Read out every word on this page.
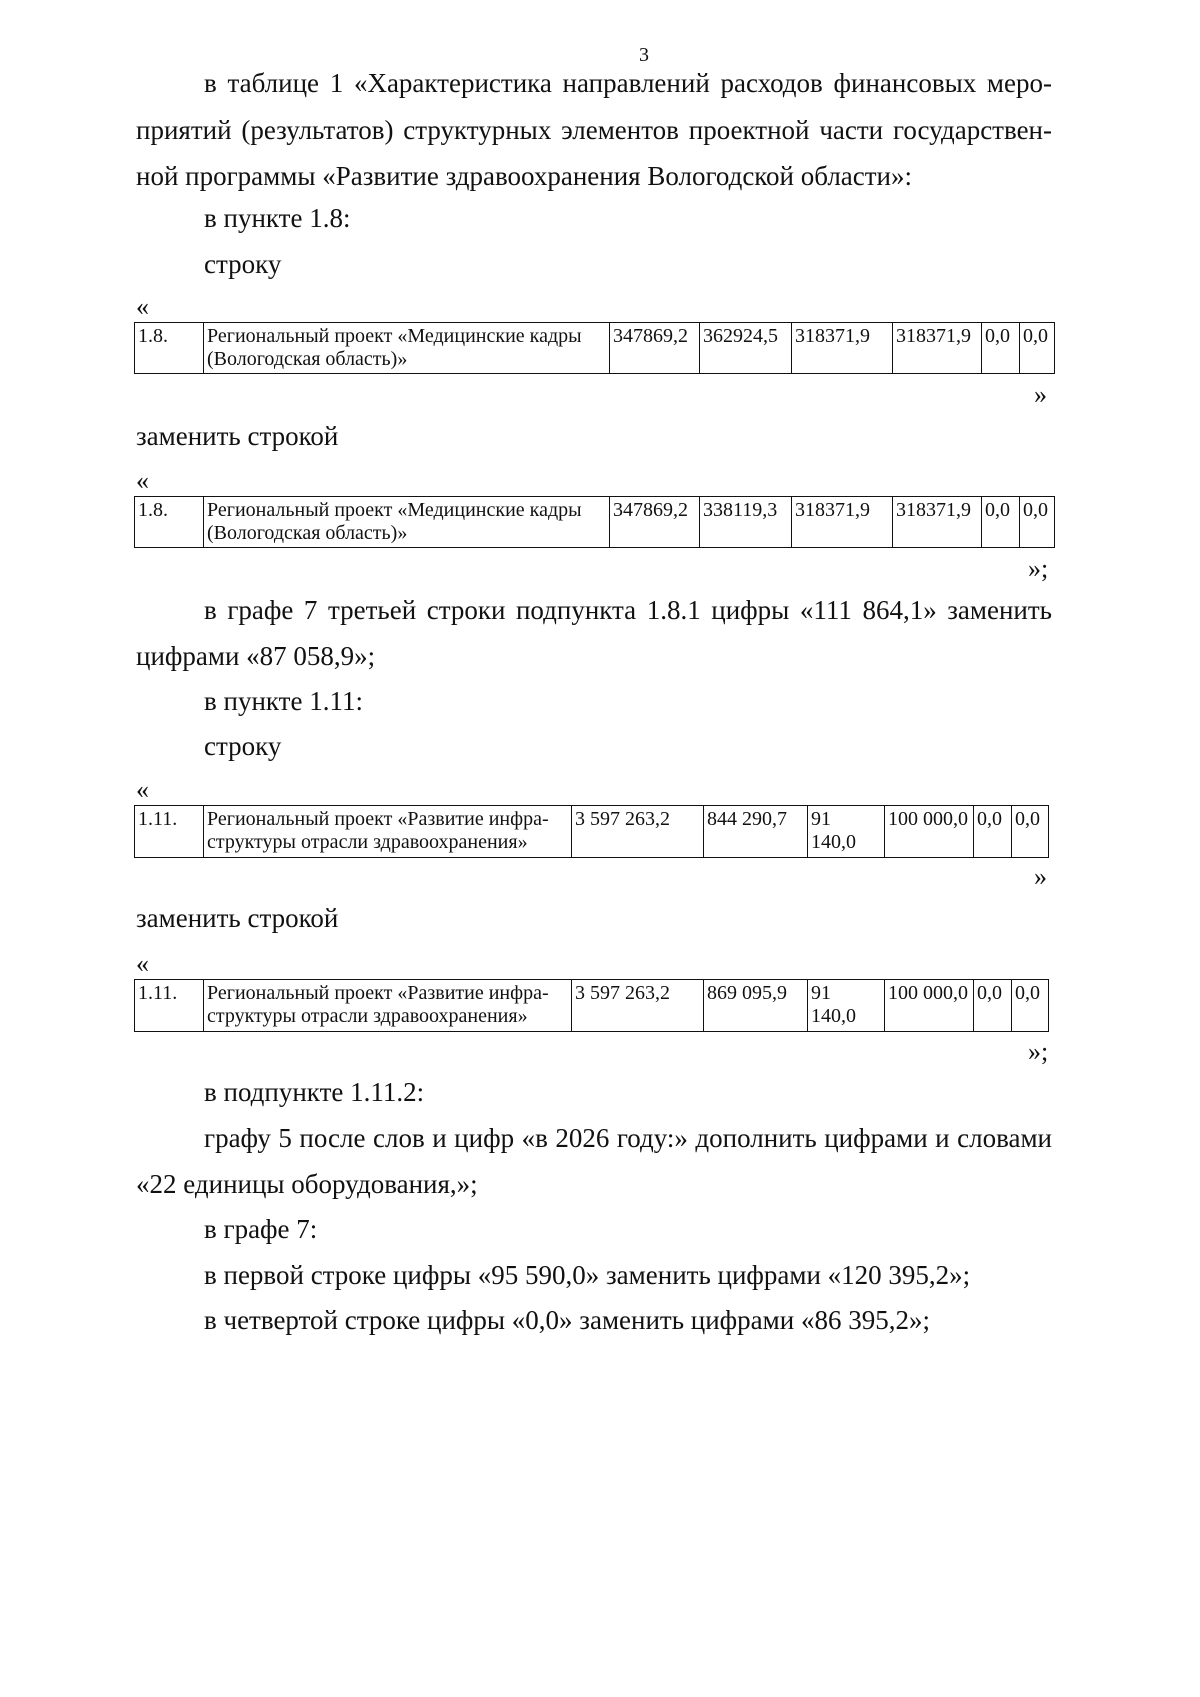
3
в таблице 1 «Характеристика направлений расходов финансовых меро-
приятий (результатов) структурных элементов проектной части государствен-
ной программы «Развитие здравоохранения Вологодской области»:
в пункте 1.8:
строку
«
1.8.	Региональный проект «Медицинские кадры (Вологодская область)»	347869,2	362924,5	318371,9	318371,9	0,0	0,0
»
заменить строкой
«
1.8.	Региональный проект «Медицинские кадры (Вологодская область)»	347869,2	338119,3	318371,9	318371,9	0,0	0,0
»;
в графе 7 третьей строки подпункта 1.8.1 цифры «111 864,1» заменить
цифрами «87 058,9»;
в пункте 1.11:
строку
«
1.11.	Региональный проект «Развитие инфра-
структуры отрасли здравоохранения»
	3 597 263,2	844 290,7	91
140,0
	100 000,0	0,0	0,0
»
заменить строкой
«
1.11.	Региональный проект «Развитие инфра-
структуры отрасли здравоохранения»
	3 597 263,2	869 095,9	91
140,0
	100 000,0	0,0	0,0
»;
в подпункте 1.11.2:
графу 5 после слов и цифр «в 2026 году:» дополнить цифрами и словами
«22 единицы оборудования,»;
в графе 7:
в первой строке цифры «95 590,0» заменить цифрами «120 395,2»;
в четвертой строке цифры «0,0» заменить цифрами «86 395,2»;
